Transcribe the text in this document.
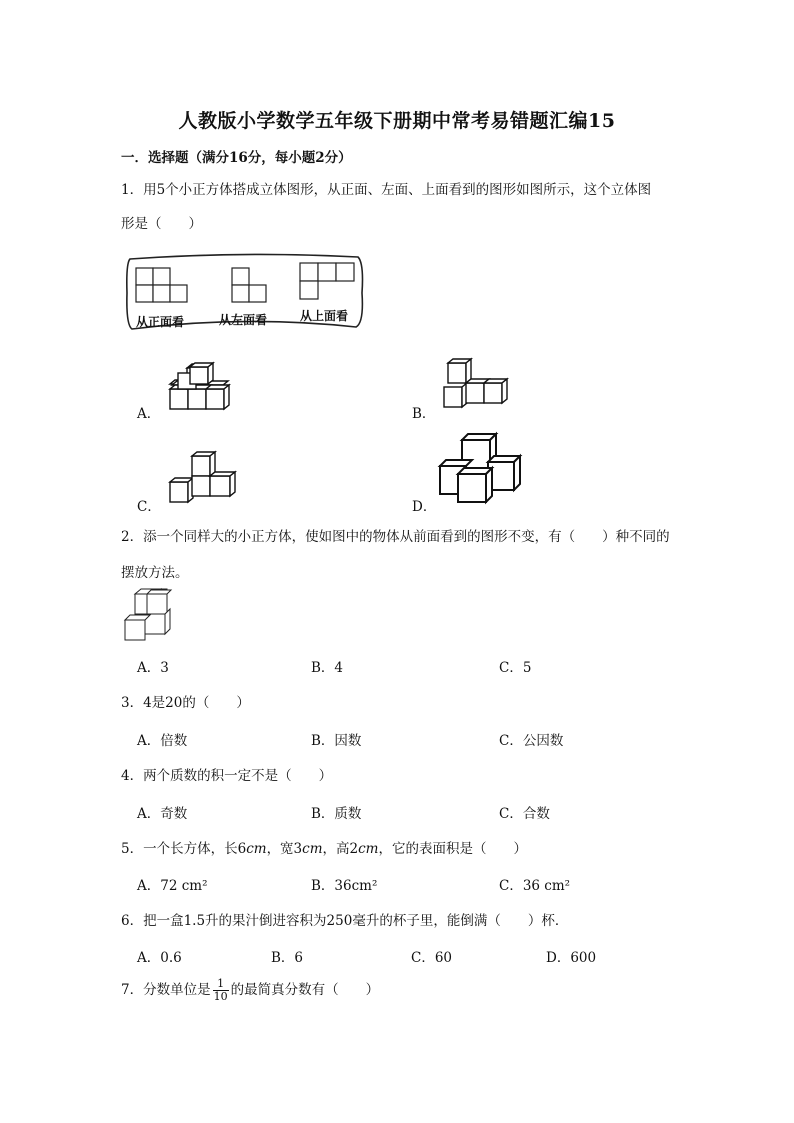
人教版小学数学五年级下册期中常考易错题汇编15
一．选择题（满分16分，每小题2分）
1．用5个小正方体搭成立体图形，从正面、左面、上面看到的图形如图所示，这个立体图
形是（　　）
从正面看	从左面看	从上面看
A．	B．
C．	D．
2．添一个同样大的小正方体，使如图中的物体从前面看到的图形不变，有（　　）种不同的
摆放方法。
A．3	B．4	C．5
3．4是20的（　　）
A．倍数	B．因数	C．公因数
4．两个质数的积一定不是（　　）
A．奇数	B．质数	C．合数
5．一个长方体，长6cm，宽3cm，高2cm，它的表面积是（　　）
A．72 cm²	B．36cm²	C．36 cm²
6．把一盒1.5升的果汁倒进容积为250毫升的杯子里，能倒满（　　）杯．
A．0.6	B．6	C．60	D．600
7．分数单位是 $\frac{1}{10}$ 的最简真分数有（　　）
